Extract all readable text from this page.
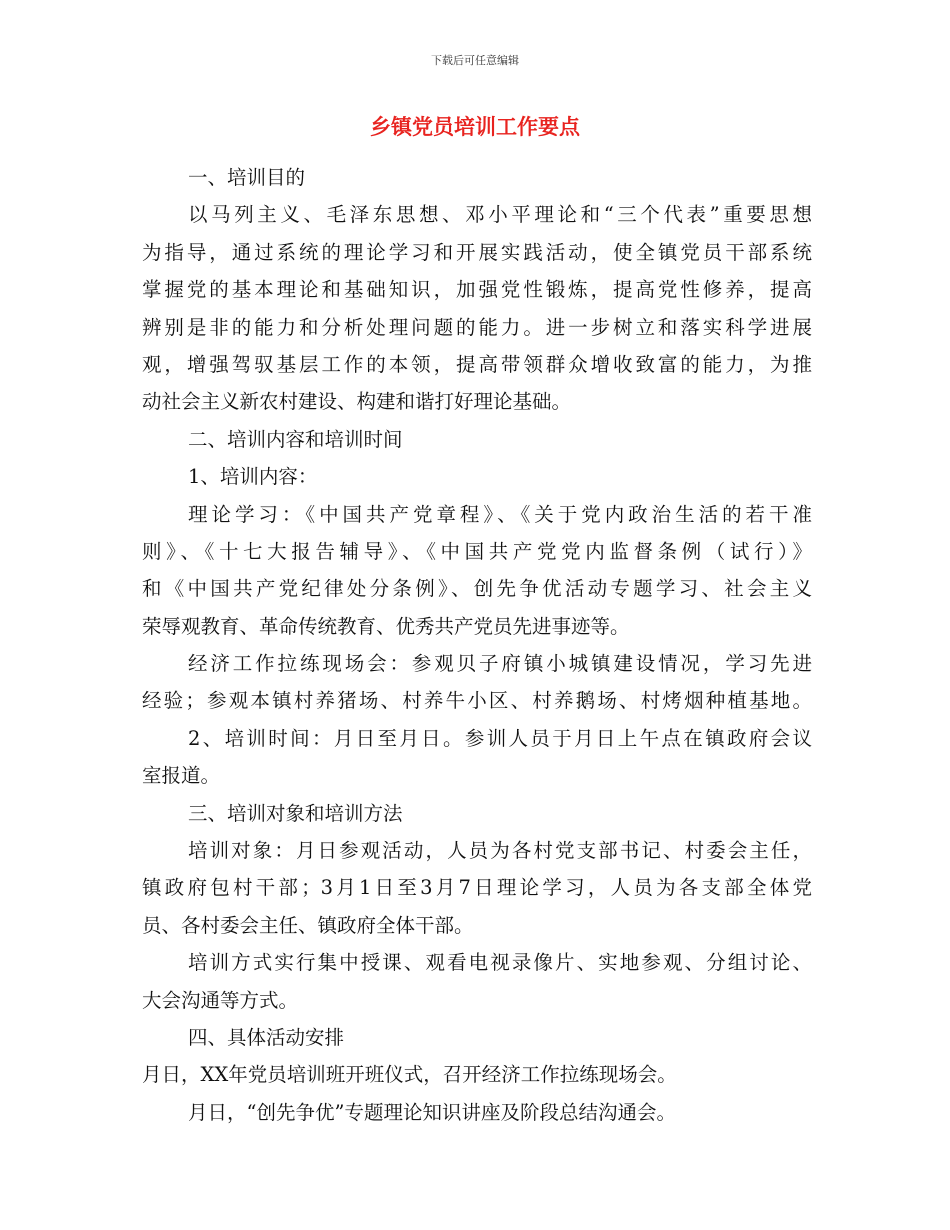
下载后可任意编辑
乡镇党员培训工作要点
一、培训目的
以马列主义、毛泽东思想、邓小平理论和“三个代表”重要思想
为指导，通过系统的理论学习和开展实践活动，使全镇党员干部系统
掌握党的基本理论和基础知识，加强党性锻炼，提高党性修养，提高
辨别是非的能力和分析处理问题的能力。进一步树立和落实科学进展
观，增强驾驭基层工作的本领，提高带领群众增收致富的能力，为推
动社会主义新农村建设、构建和谐打好理论基础。
二、培训内容和培训时间
1、培训内容：
理论学习：《中国共产党章程》、《关于党内政治生活的若干准
则》、《十七大报告辅导》、《中国共产党党内监督条例（试行）》
和《中国共产党纪律处分条例》、创先争优活动专题学习、社会主义
荣辱观教育、革命传统教育、优秀共产党员先进事迹等。
经济工作拉练现场会：参观贝子府镇小城镇建设情况，学习先进
经验；参观本镇村养猪场、村养牛小区、村养鹅场、村烤烟种植基地。
2、培训时间：月日至月日。参训人员于月日上午点在镇政府会议
室报道。
三、培训对象和培训方法
培训对象：月日参观活动，人员为各村党支部书记、村委会主任，
镇政府包村干部；3月1日至3月7日理论学习，人员为各支部全体党
员、各村委会主任、镇政府全体干部。
培训方式实行集中授课、观看电视录像片、实地参观、分组讨论、
大会沟通等方式。
四、具体活动安排
月日，XX年党员培训班开班仪式，召开经济工作拉练现场会。
月日，“创先争优”专题理论知识讲座及阶段总结沟通会。
